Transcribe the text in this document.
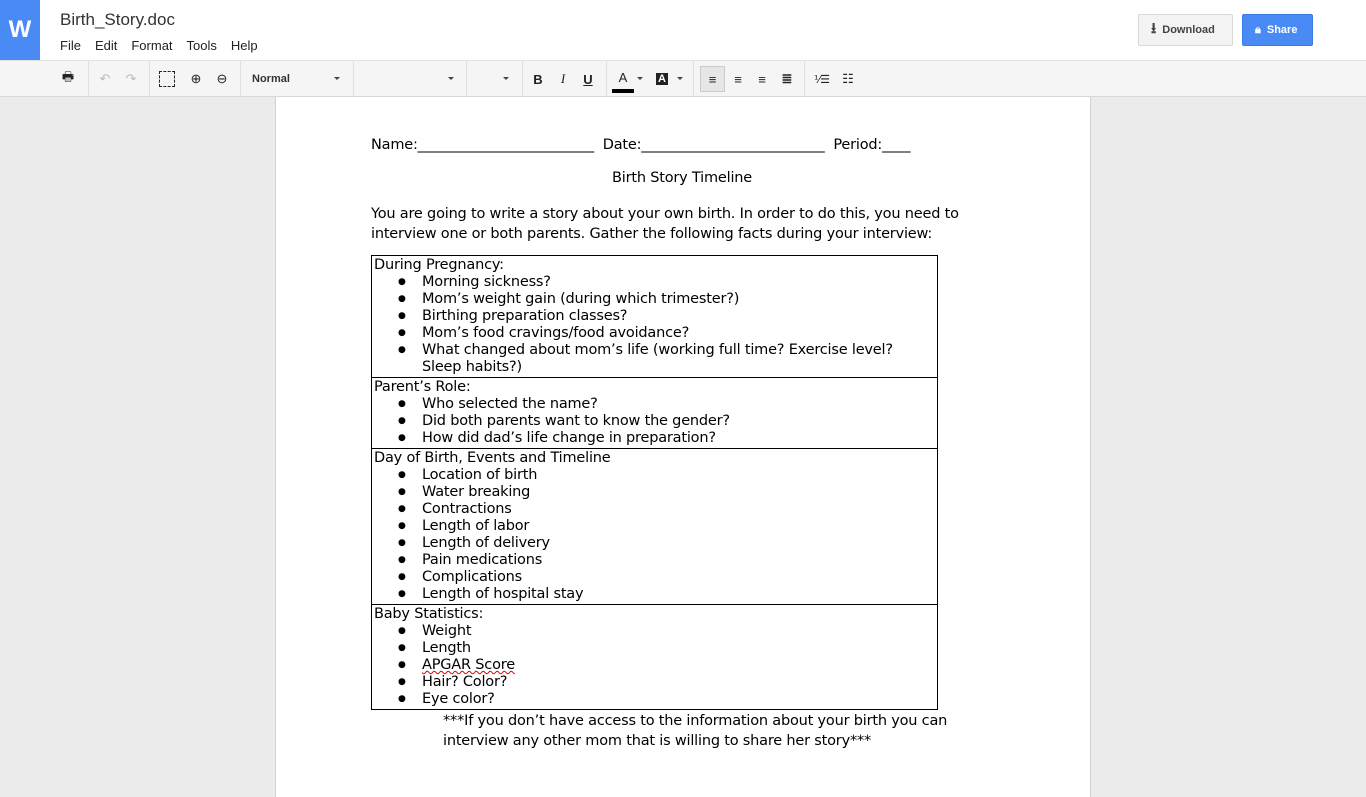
W	Birth_Story.doc
File Edit Format Tools Help
⭳ Download	🔒︎ Share
🖶︎	↶	↷	⊕	⊖	Normal	B	I	U	A	A	≡	≡	≡	≣	⅟☰ ☷
Name:_________________________  Date:__________________________  Period:____
Birth Story Timeline
You are going to write a story about your own birth. In order to do this, you need to
interview one or both parents. Gather the following facts during your interview:
During Pregnancy:
● Morning sickness?
● Mom’s weight gain (during which trimester?)
● Birthing preparation classes?
● Mom’s food cravings/food avoidance?
● What changed about mom’s life (working full time? Exercise level? Sleep habits?)

Parent’s Role:
● Who selected the name?
● Did both parents want to know the gender?
● How did dad’s life change in preparation?

Day of Birth, Events and Timeline
● Location of birth
● Water breaking
● Contractions
● Length of labor
● Length of delivery
● Pain medications
● Complications
● Length of hospital stay

Baby Statistics:
● Weight
● Length
● APGAR Score
● Hair? Color?
● Eye color?
***If you don’t have access to the information about your birth you can
interview any other mom that is willing to share her story***
